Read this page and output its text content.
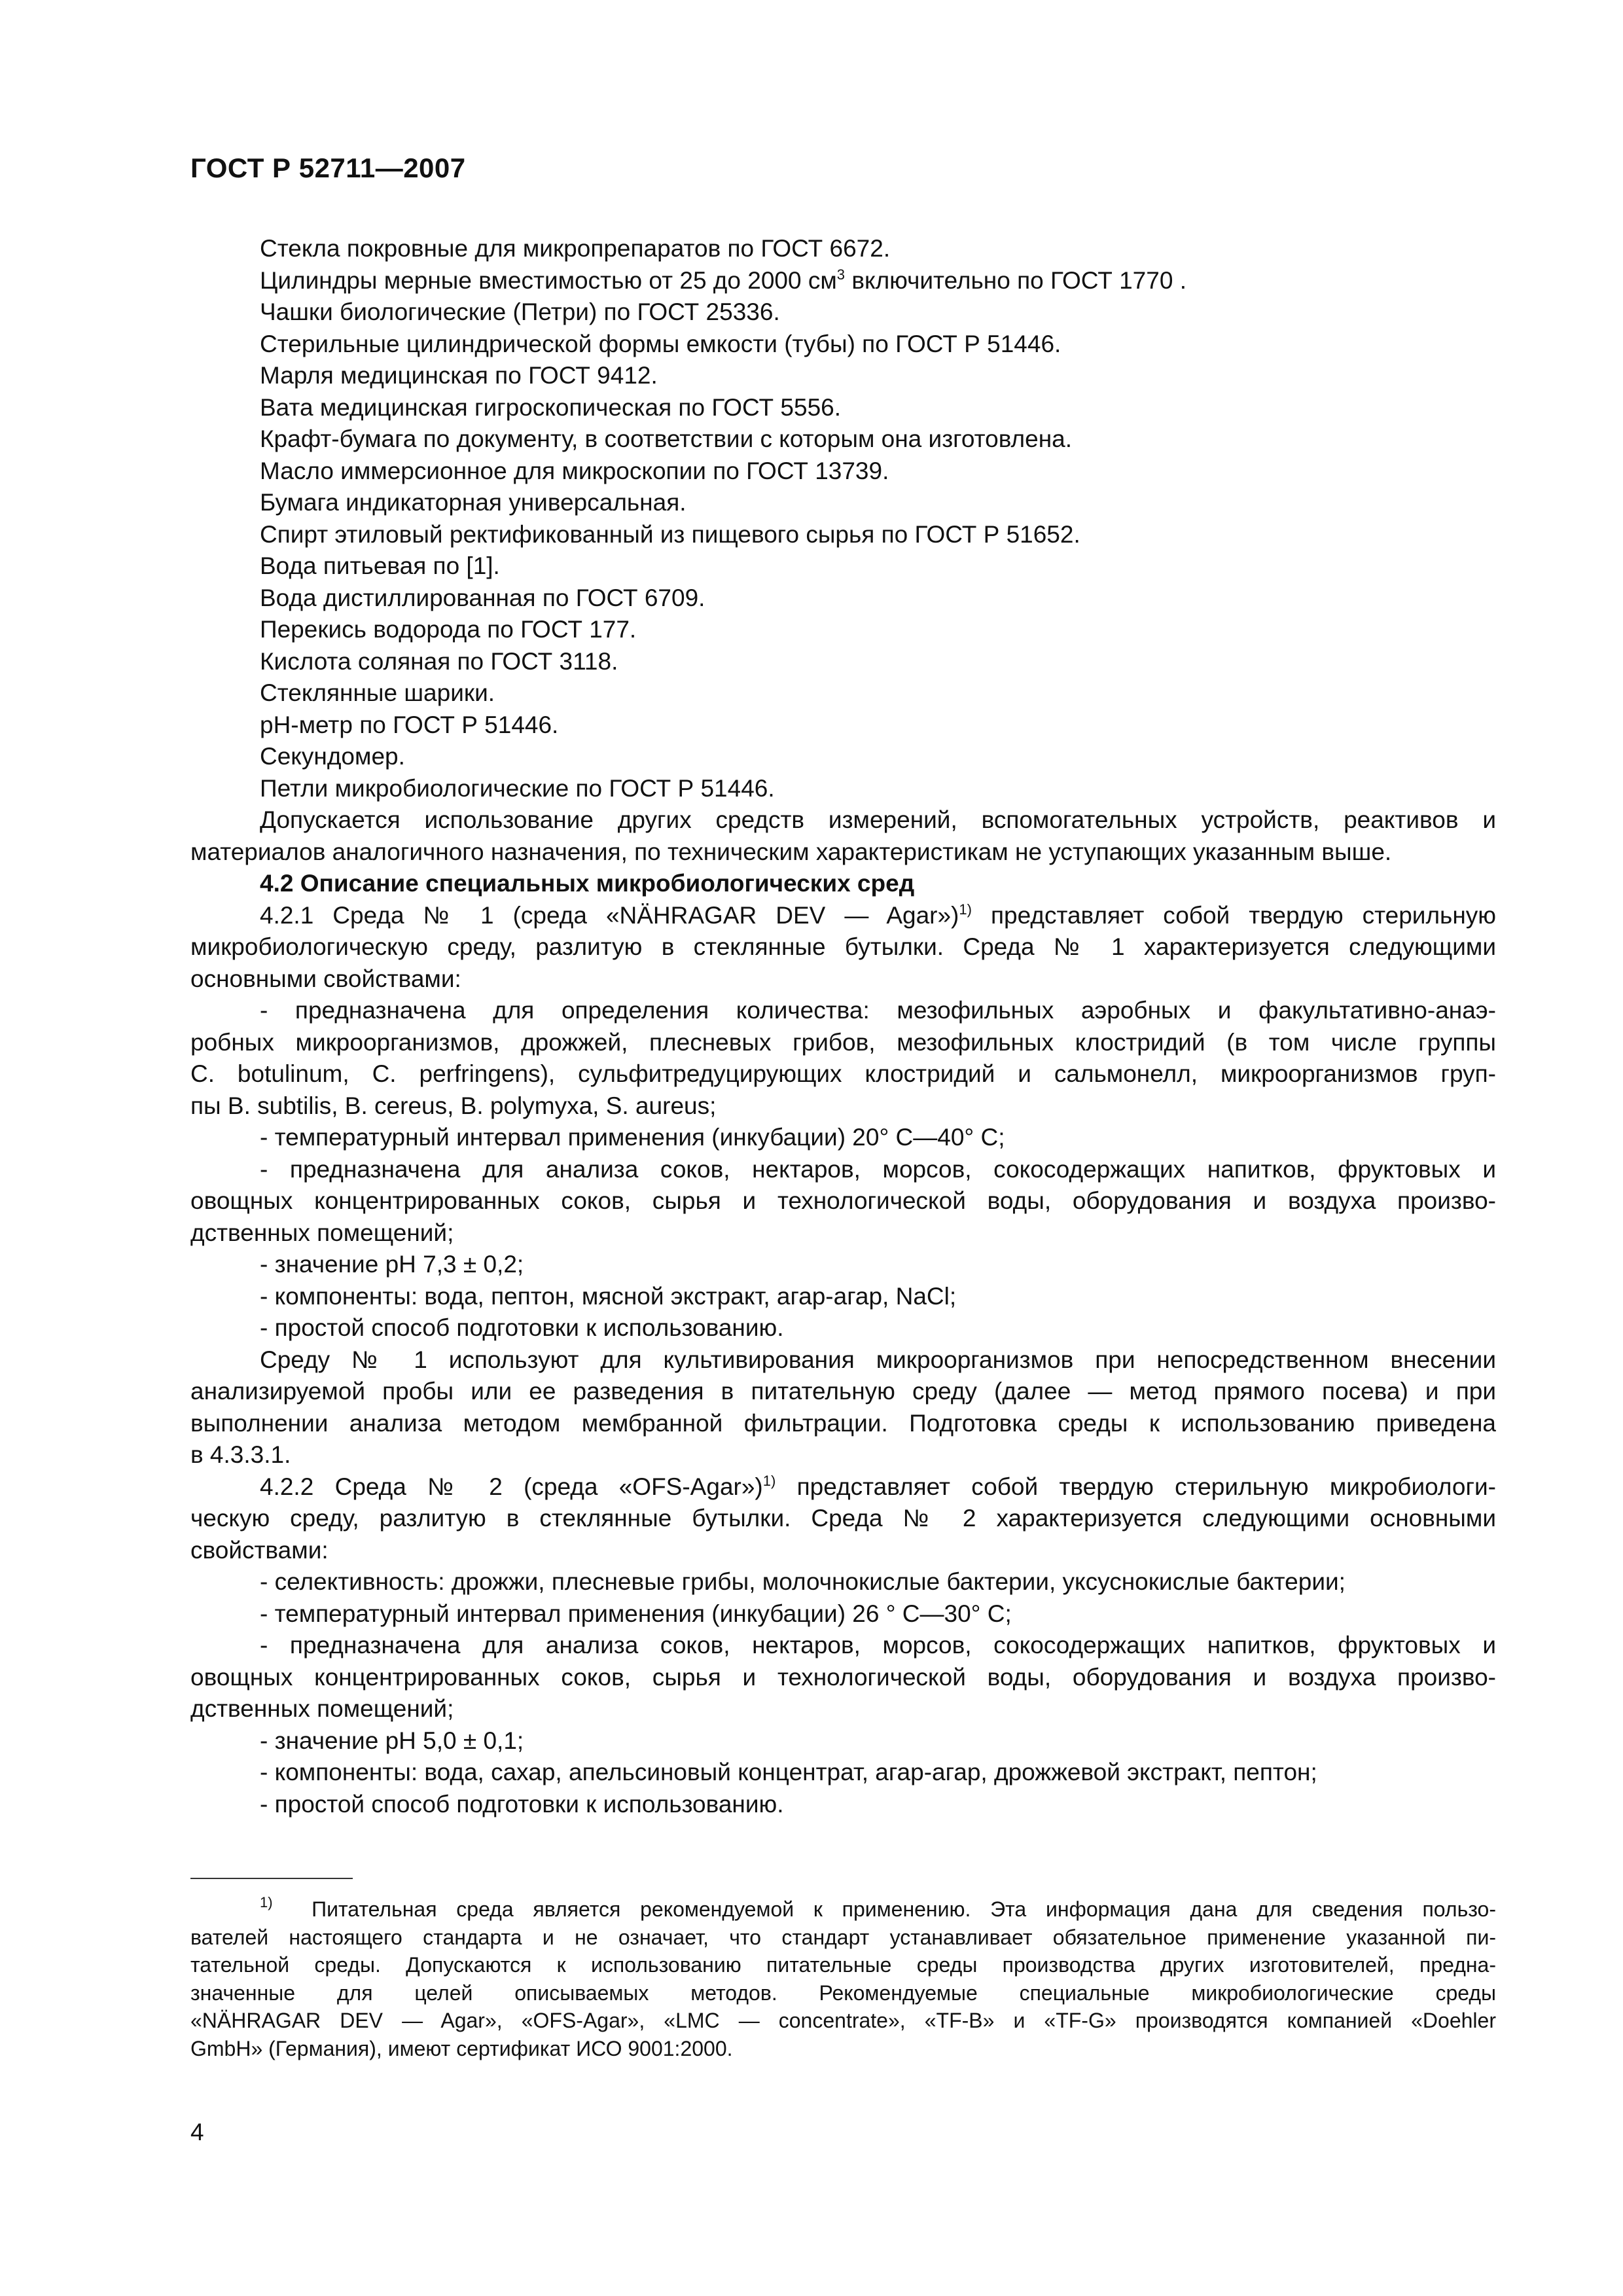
ГОСТ Р 52711—2007
Стекла покровные для микропрепаратов по ГОСТ 6672.
Цилиндры мерные вместимостью от 25 до 2000 $см^3$ включительно по ГОСТ 1770 .
Чашки биологические (Петри) по ГОСТ 25336.
Стерильные цилиндрической формы емкости (тубы) по ГОСТ Р 51446.
Марля медицинская по ГОСТ 9412.
Вата медицинская гигроскопическая по ГОСТ 5556.
Крафт-бумага по документу, в соответствии с которым она изготовлена.
Масло иммерсионное для микроскопии по ГОСТ 13739.
Бумага индикаторная универсальная.
Спирт этиловый ректификованный из пищевого сырья по ГОСТ Р 51652.
Вода питьевая по [1].
Вода дистиллированная по ГОСТ 6709.
Перекись водорода по ГОСТ 177.
Кислота соляная по ГОСТ 3118.
Стеклянные шарики.
рН-метр по ГОСТ Р 51446.
Секундомер.
Петли микробиологические по ГОСТ Р 51446.
Допускается использование других средств измерений, вспомогательных устройств, реактивов и
материалов аналогичного назначения, по техническим характеристикам не уступающих указанным выше.
4.2 Описание специальных микробиологических сред
4.2.1 Среда № 1 (среда «NÄHRAGAR DEV — Agar»)$^{1)}$ представляет собой твердую стерильную
микробиологическую среду, разлитую в стеклянные бутылки. Среда № 1 характеризуется следующими
основными свойствами:
- предназначена для определения количества: мезофильных аэробных и факультативно-анаэ-
робных микроорганизмов, дрожжей, плесневых грибов, мезофильных клостридий (в том числе группы
C. botulinum, C. perfringens), сульфитредуцирующих клостридий и сальмонелл, микроорганизмов груп-
пы B. subtilis, B. cereus, B. polymyxa, S. aureus;
- температурный интервал применения (инкубации) 20° С—40° С;
- предназначена для анализа соков, нектаров, морсов, сокосодержащих напитков, фруктовых и
овощных концентрированных соков, сырья и технологической воды, оборудования и воздуха произво-
дственных помещений;
- значение рН 7,3 ± 0,2;
- компоненты: вода, пептон, мясной экстракт, агар-агар, NaCl;
- простой способ подготовки к использованию.
Среду № 1 используют для культивирования микроорганизмов при непосредственном внесении
анализируемой пробы или ее разведения в питательную среду (далее — метод прямого посева) и при
выполнении анализа методом мембранной фильтрации. Подготовка среды к использованию приведена
в 4.3.3.1.
4.2.2 Среда № 2 (среда «OFS-Agar»)$^{1)}$ представляет собой твердую стерильную микробиологи-
ческую среду, разлитую в стеклянные бутылки. Среда № 2 характеризуется следующими основными
свойствами:
- селективность: дрожжи, плесневые грибы, молочнокислые бактерии, уксуснокислые бактерии;
- температурный интервал применения (инкубации) 26 ° С—30° С;
- предназначена для анализа соков, нектаров, морсов, сокосодержащих напитков, фруктовых и
овощных концентрированных соков, сырья и технологической воды, оборудования и воздуха произво-
дственных помещений;
- значение рН 5,0 ± 0,1;
- компоненты: вода, сахар, апельсиновый концентрат, агар-агар, дрожжевой экстракт, пептон;
- простой способ подготовки к использованию.
$^{1)}$ Питательная среда является рекомендуемой к применению. Эта информация дана для сведения пользо-
вателей настоящего стандарта и не означает, что стандарт устанавливает обязательное применение указанной пи-
тательной среды. Допускаются к использованию питательные среды производства других изготовителей, предна-
значенные для целей описываемых методов. Рекомендуемые специальные микробиологические среды
«NÄHRAGAR DEV — Agar», «OFS-Agar», «LMC — concentrate», «TF-B» и «TF-G» производятся компанией «Doehler
GmbH» (Германия), имеют сертификат ИСО 9001:2000.
4
